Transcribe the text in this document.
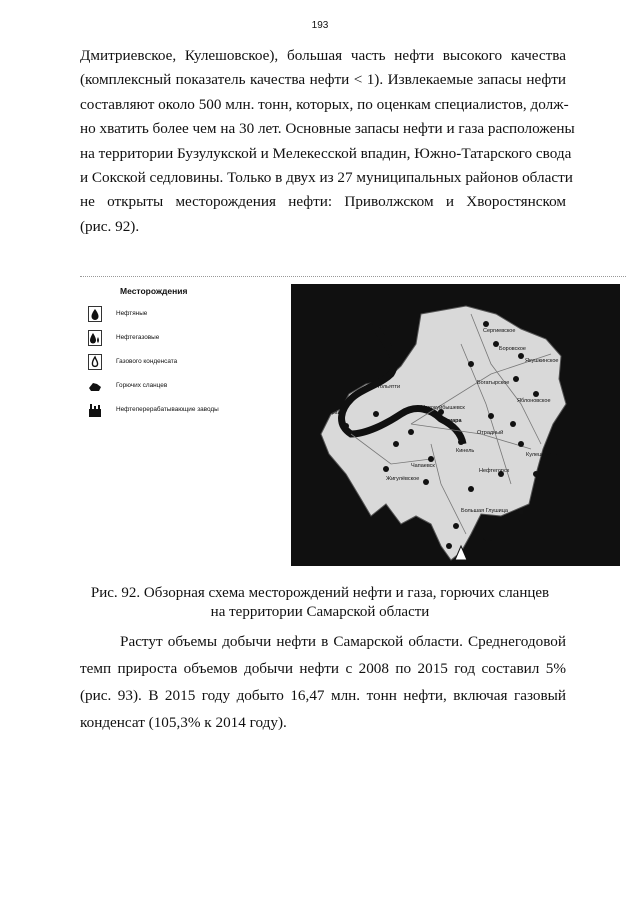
193
Дмитриевское, Кулешовское), большая часть нефти высокого качества
(комплексный показатель качества нефти < 1). Извлекаемые запасы нефти
составляют около 500 млн. тонн, которых, по оценкам специалистов, долж-
но хватить более чем на 30 лет. Основные запасы нефти и газа расположены
на территории Бузулукской и Мелекесской впадин, Южно-Татарского свода
и Сокской седловины. Только в двух из 27 муниципальных районов области
не открыты месторождения нефти: Приволжском и Хворостянском
(рис. 92).
Месторождения
Нефтяные
Нефтегазовые
Газового конденсата
Горючих сланцев
Нефтеперерабатывающие заводы
Сергиевское
Боровское
Якушкинское
Тольятти
Богатырское
Яблоновское
Сызрань
Новокуйбышевск
Самара
Отрадный
Кинель
Чапаевск
Нефтегорск
Жигулёвское
Кулешовское
Большая Глушица
Кушебово
Рис. 92. Обзорная схема месторождений нефти и газа, горючих сланцев
на территории Самарской области
Растут объемы добычи нефти в Самарской области. Среднегодовой
темп прироста объемов добычи нефти с 2008 по 2015 год составил 5%
(рис. 93). В 2015 году добыто 16,47 млн. тонн нефти, включая газовый
конденсат (105,3% к 2014 году).
